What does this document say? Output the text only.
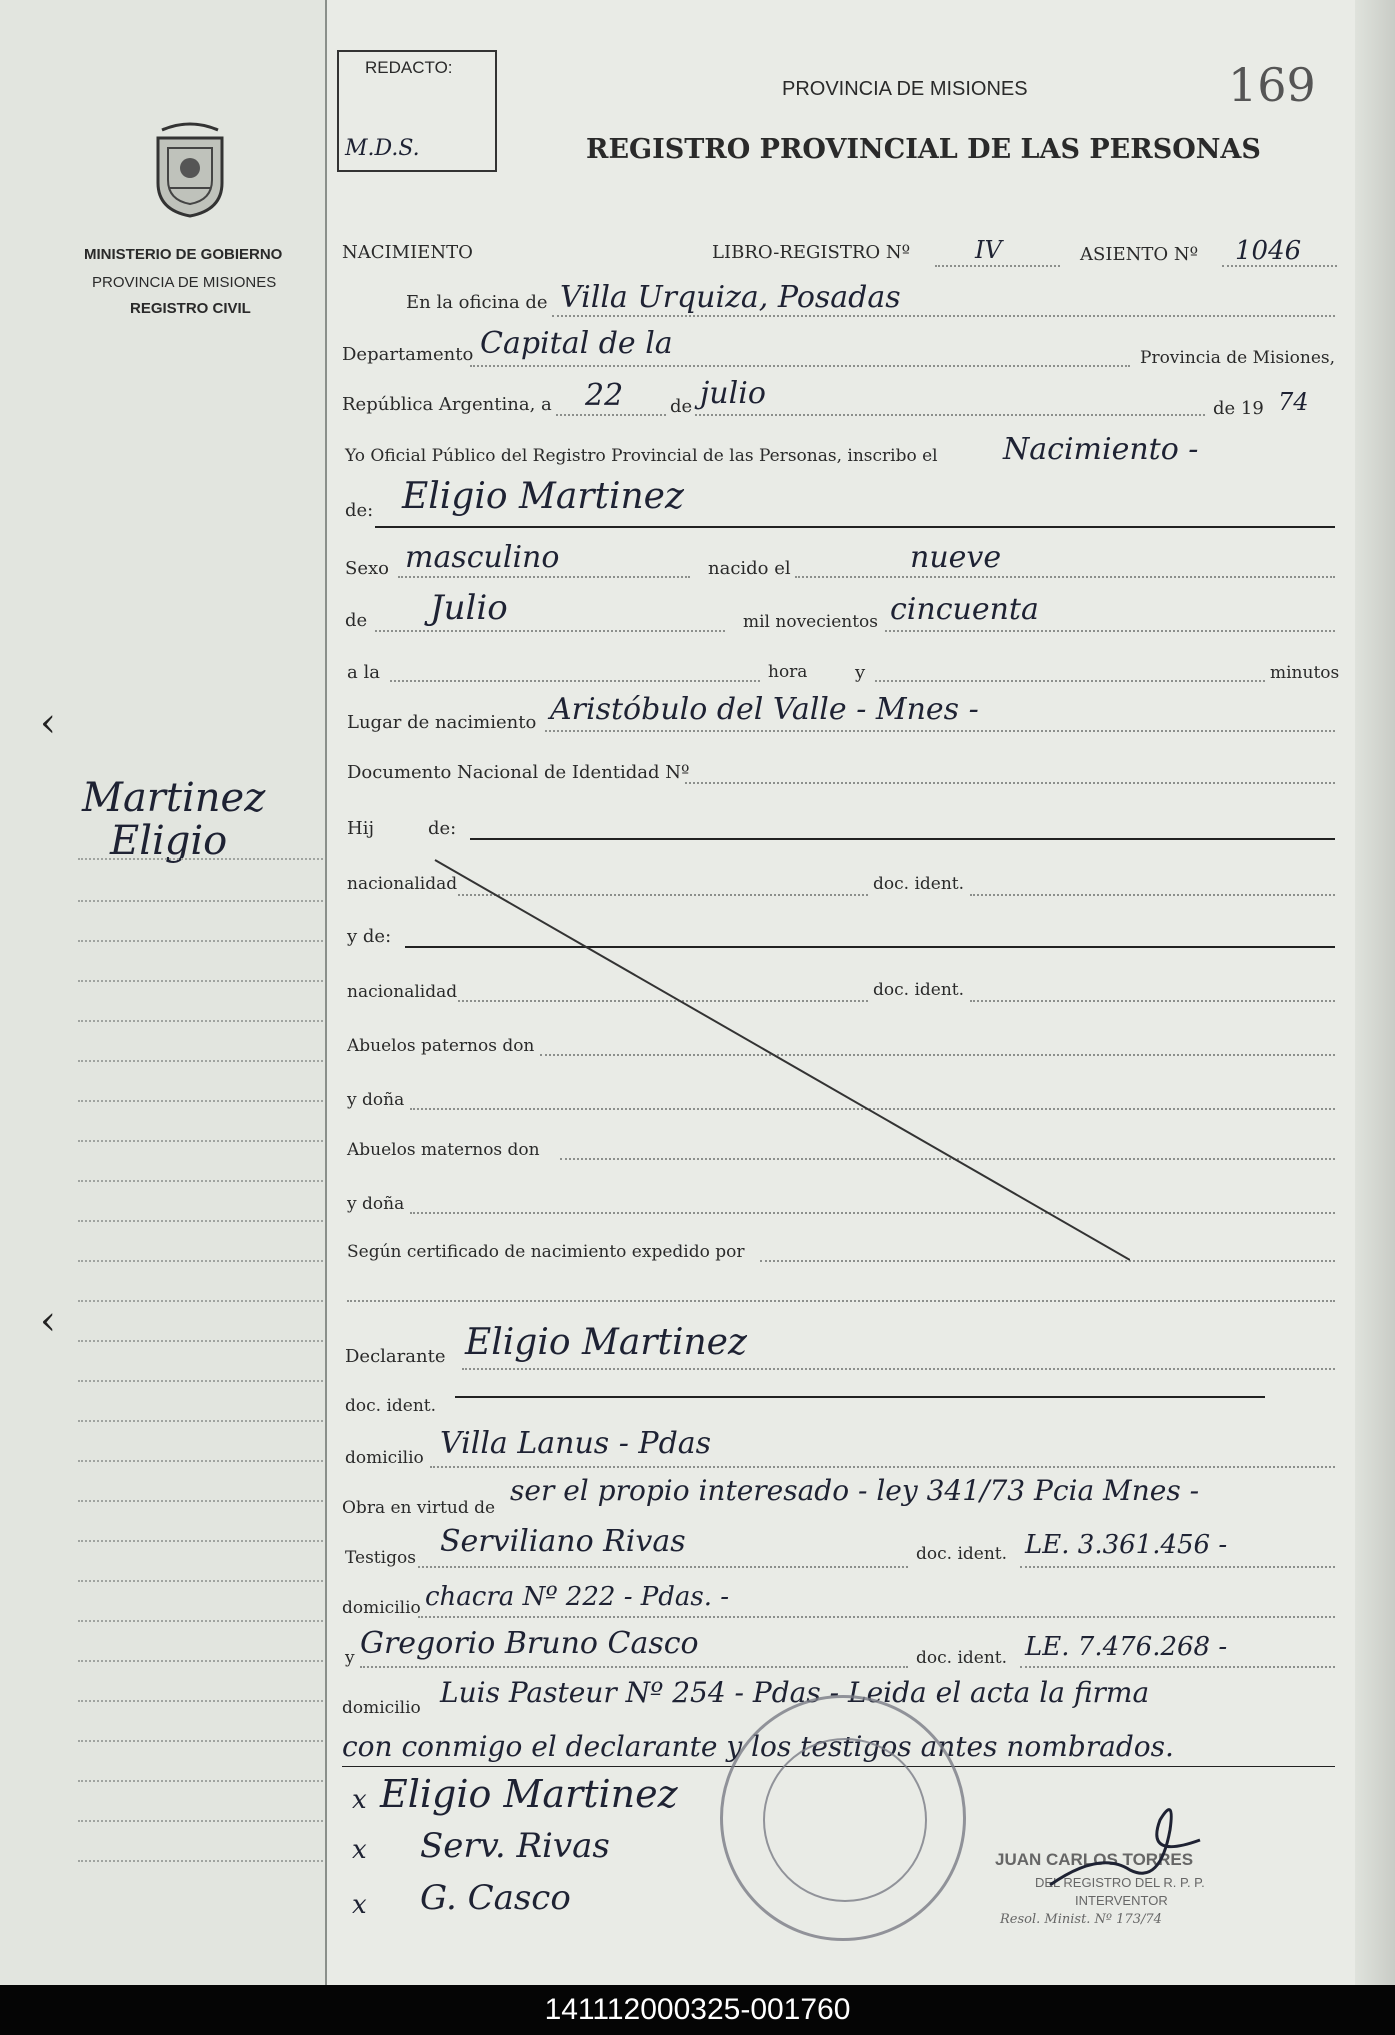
MINISTERIO DE GOBIERNO
PROVINCIA DE MISIONES
REGISTRO CIVIL
Martinez
Eligio
‹
‹
REDACTO:
M.D.S.
PROVINCIA DE MISIONES	169
REGISTRO PROVINCIAL DE LAS PERSONAS
NACIMIENTO	LIBRO-REGISTRO Nº	IV	ASIENTO Nº 1046
En la oficina de Villa Urquiza, Posadas
Departamento Capital de la	Provincia de Misiones,
República Argentina, a 22	de julio	de 19 74
Yo Oficial Público del Registro Provincial de las Personas, inscribo el Nacimiento -
de: Eligio Martinez
Sexo masculino	nacido el	nueve
de Julio	mil novecientos cincuenta
a la	hora	y	minutos
Lugar de nacimiento Aristóbulo del Valle - Mnes -
Documento Nacional de Identidad Nº
Hij	de:
nacionalidad	doc. ident.
y de:
nacionalidad	doc. ident.
Abuelos paternos don
y doña
Abuelos maternos don
y doña
Según certificado de nacimiento expedido por
Declarante Eligio Martinez
doc. ident.
domicilio Villa Lanus - Pdas
Obra en virtud de
ser el propio interesado - ley 341/73 Pcia Mnes -
Testigos Serviliano Rivas	doc. ident. LE. 3.361.456 -
domicilio chacra Nº 222 - Pdas. -
y Gregorio Bruno Casco	doc. ident. LE. 7.476.268 -
domicilio Luis Pasteur Nº 254 - Pdas - Leida el acta la firma
con conmigo el declarante y los testigos antes nombrados.
x Eligio Martinez
x Serv. Rivas
x G. Casco
JUAN CARLOS TORRES
DEL REGISTRO DEL R. P. P.
INTERVENTOR
Resol. Minist. Nº 173/74
141112000325-001760
